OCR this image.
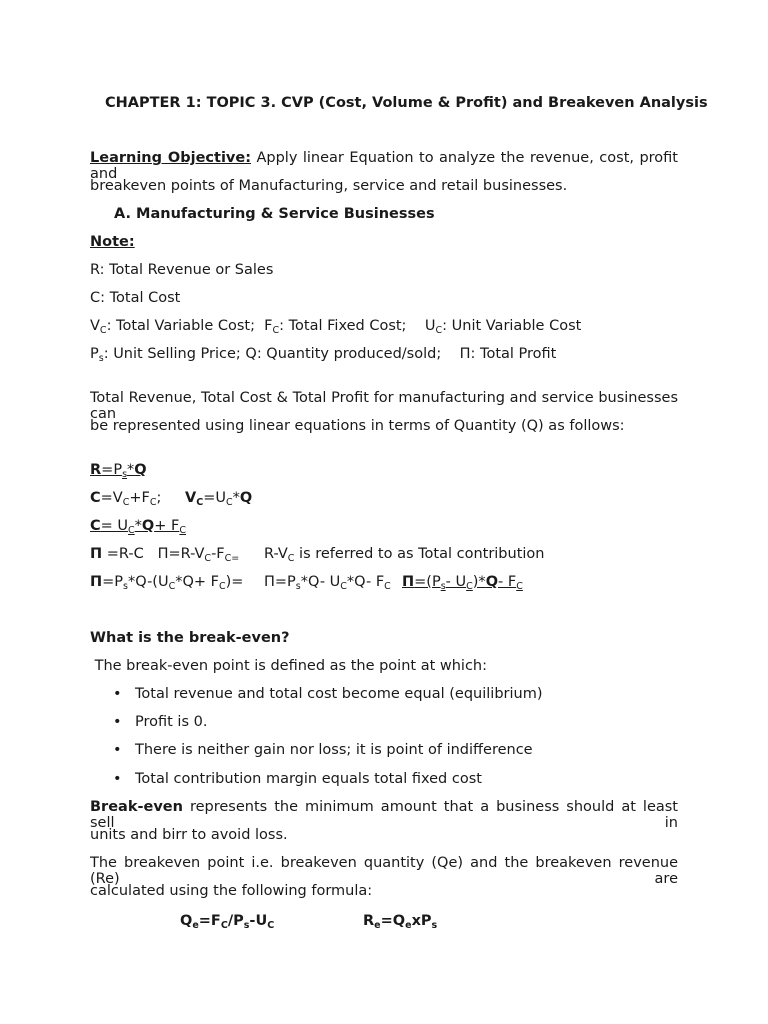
CHAPTER 1: TOPIC 3. CVP (Cost, Volume & Profit) and Breakeven Analysis
Learning Objective: Apply linear Equation to analyze the revenue, cost, profit and
breakeven points of Manufacturing, service and retail businesses.
A. Manufacturing & Service Businesses
Note:
R: Total Revenue or Sales
C: Total Cost
$V_C$: Total Variable Cost;  $F_C$: Total Fixed Cost;    $U_C$: Unit Variable Cost
$P_s$: Unit Selling Price; Q: Quantity produced/sold;    Π: Total Profit
Total Revenue, Total Cost & Total Profit for manufacturing and service businesses can
be represented using linear equations in terms of Quantity (Q) as follows:
$R=P_s*Q$
$C=V_C+F_C$; $V_C=U_C*Q$
$C= U_C*Q+ F_C$
Π =R-C   $\Pi=R-V_C-F_{C=}$ $R-V_C$ is referred to as Total contribution
$\Pi=P_s*Q-(U_C*Q+ F_C)= \Pi=P_s*Q-$ $U_C*Q-$ $F_C$ $\Pi=(P_s-$ $U_C)*Q-$ $F_C$
What is the break-even?
The break-even point is defined as the point at which:
• Total revenue and total cost become equal (equilibrium)
• Profit is 0.
• There is neither gain nor loss; it is point of indifference
• Total contribution margin equals total fixed cost
Break-even represents the minimum amount that a business should at least sell in
units and birr to avoid loss.
The breakeven point i.e. breakeven quantity (Qe) and the breakeven revenue (Re) are
calculated using the following formula:
$Q_e=F_C/P_s-U_C$	$R_e=Q_exP_s$
